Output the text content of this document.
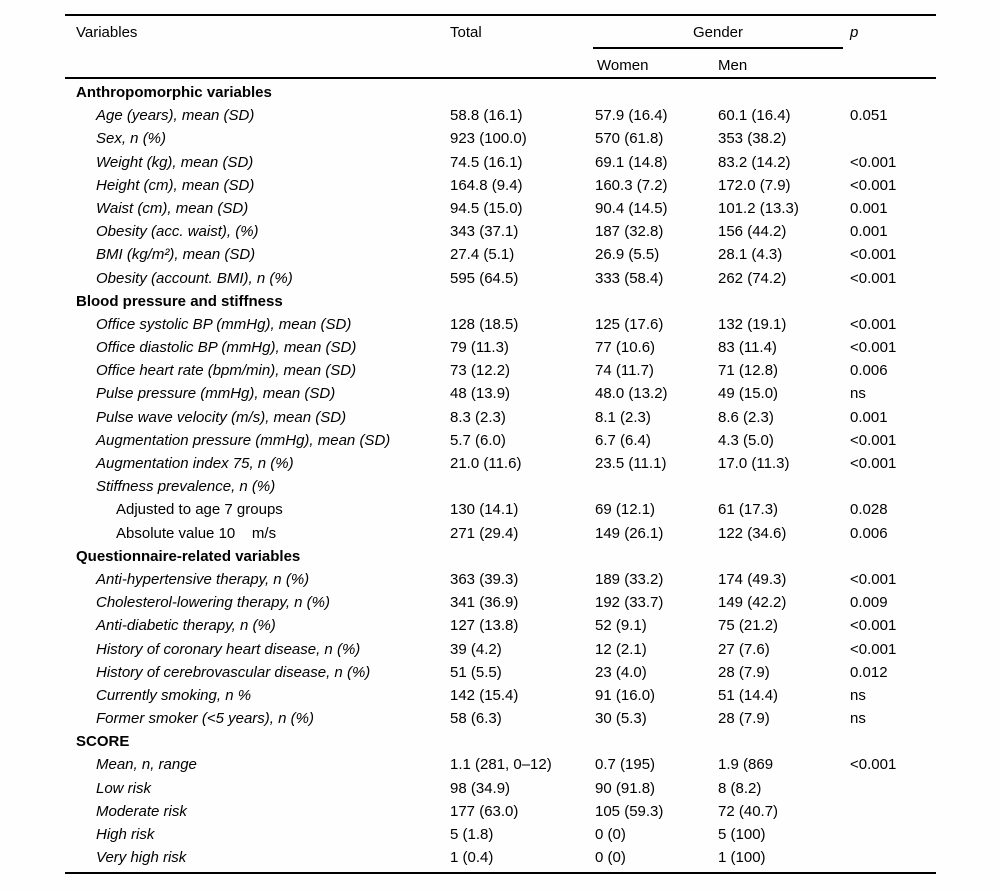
Variables	Total	Gender	p
Women	Men
Anthropomorphic variables
Age (years), mean (SD)	58.8 (16.1)	57.9 (16.4)	60.1 (16.4)	0.051
Sex, n (%)	923 (100.0)	570 (61.8)	353 (38.2)
Weight (kg), mean (SD)	74.5 (16.1)	69.1 (14.8)	83.2 (14.2)	<0.001
Height (cm), mean (SD)	164.8 (9.4)	160.3 (7.2)	172.0 (7.9)	<0.001
Waist (cm), mean (SD)	94.5 (15.0)	90.4 (14.5)	101.2 (13.3)	0.001
Obesity (acc. waist), (%)	343 (37.1)	187 (32.8)	156 (44.2)	0.001
BMI (kg/m²), mean (SD)	27.4 (5.1)	26.9 (5.5)	28.1 (4.3)	<0.001
Obesity (account. BMI), n (%)	595 (64.5)	333 (58.4)	262 (74.2)	<0.001
Blood pressure and stiffness
Office systolic BP (mmHg), mean (SD)	128 (18.5)	125 (17.6)	132 (19.1)	<0.001
Office diastolic BP (mmHg), mean (SD)	79 (11.3)	77 (10.6)	83 (11.4)	<0.001
Office heart rate (bpm/min), mean (SD)	73 (12.2)	74 (11.7)	71 (12.8)	0.006
Pulse pressure (mmHg), mean (SD)	48 (13.9)	48.0 (13.2)	49 (15.0)	ns
Pulse wave velocity (m/s), mean (SD)	8.3 (2.3)	8.1 (2.3)	8.6 (2.3)	0.001
Augmentation pressure (mmHg), mean (SD)	5.7 (6.0)	6.7 (6.4)	4.3 (5.0)	<0.001
Augmentation index 75, n (%)	21.0 (11.6)	23.5 (11.1)	17.0 (11.3)	<0.001
Stiffness prevalence, n (%)
Adjusted to age 7 groups	130 (14.1)	69 (12.1)	61 (17.3)	0.028
Absolute value 10    m/s	271 (29.4)	149 (26.1)	122 (34.6)	0.006
Questionnaire-related variables
Anti-hypertensive therapy, n (%)	363 (39.3)	189 (33.2)	174 (49.3)	<0.001
Cholesterol-lowering therapy, n (%)	341 (36.9)	192 (33.7)	149 (42.2)	0.009
Anti-diabetic therapy, n (%)	127 (13.8)	52 (9.1)	75 (21.2)	<0.001
History of coronary heart disease, n (%)	39 (4.2)	12 (2.1)	27 (7.6)	<0.001
History of cerebrovascular disease, n (%)	51 (5.5)	23 (4.0)	28 (7.9)	0.012
Currently smoking, n %	142 (15.4)	91 (16.0)	51 (14.4)	ns
Former smoker (<5 years), n (%)	58 (6.3)	30 (5.3)	28 (7.9)	ns
SCORE
Mean, n, range	1.1 (281, 0–12)	0.7 (195)	1.9 (869	<0.001
Low risk	98 (34.9)	90 (91.8)	8 (8.2)
Moderate risk	177 (63.0)	105 (59.3)	72 (40.7)
High risk	5 (1.8)	0 (0)	5 (100)
Very high risk	1 (0.4)	0 (0)	1 (100)
